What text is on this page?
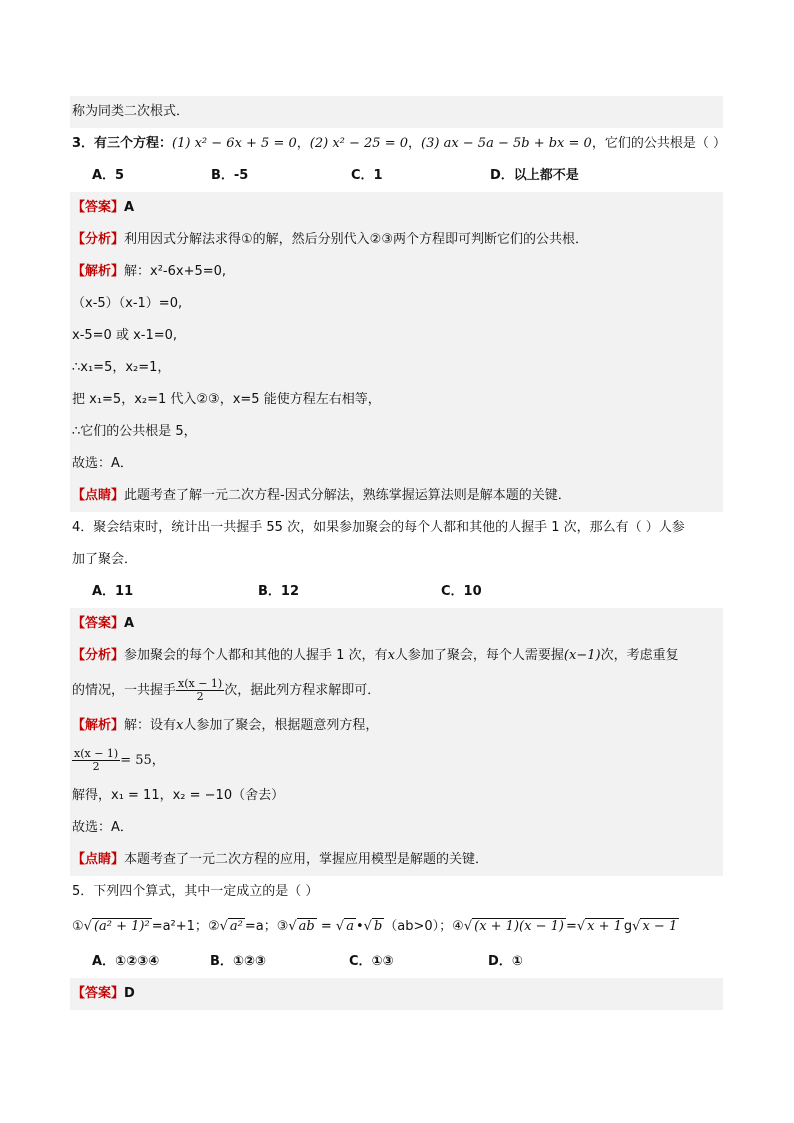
称为同类二次根式．
3．有三个方程：(1) x² − 6x + 5 = 0，(2) x² − 25 = 0，(3) ax − 5a − 5b + bx = 0，它们的公共根是（ ）
A．5	B．-5	C．1	D．以上都不是
【答案】A
【分析】利用因式分解法求得①的解，然后分别代入②③两个方程即可判断它们的公共根．
【解析】解：x²-6x+5=0,
（x-5）（x-1）=0,
x-5=0 或 x-1=0,
∴x₁=5，x₂=1，
把 x₁=5，x₂=1 代入②③，x=5 能使方程左右相等，
∴它们的公共根是 5，
故选：A．
【点睛】此题考查了解一元二次方程-因式分解法，熟练掌握运算法则是解本题的关键．
4．聚会结束时，统计出一共握手 55 次，如果参加聚会的每个人都和其他的人握手 1 次，那么有（ ）人参
加了聚会．
A．11	B．12	C．10
【答案】A
【分析】参加聚会的每个人都和其他的人握手 1 次，有x人参加了聚会，每个人需要握(x−1)次，考虑重复
的情况，一共握手 $\frac{x(x - 1)}{2}$ 次，据此列方程求解即可．
【解析】解：设有x人参加了聚会，根据题意列方程，
$\frac{x(x - 1)}{2} = 55$，
解得，x₁ = 11，x₂ = −10（舍去）
故选：A．
【点睛】本题考查了一元二次方程的应用，掌握应用模型是解题的关键．
5．下列四个算式，其中一定成立的是（ ）
①√ (a² + 1)² =a²+1；②√ a² =a；③√ ab = √ a •√ b （ab>0）；④√ (x + 1)(x − 1) =√ x + 1 g√ x − 1
A．①②③④	B．①②③	C．①③	D．①
【答案】D
